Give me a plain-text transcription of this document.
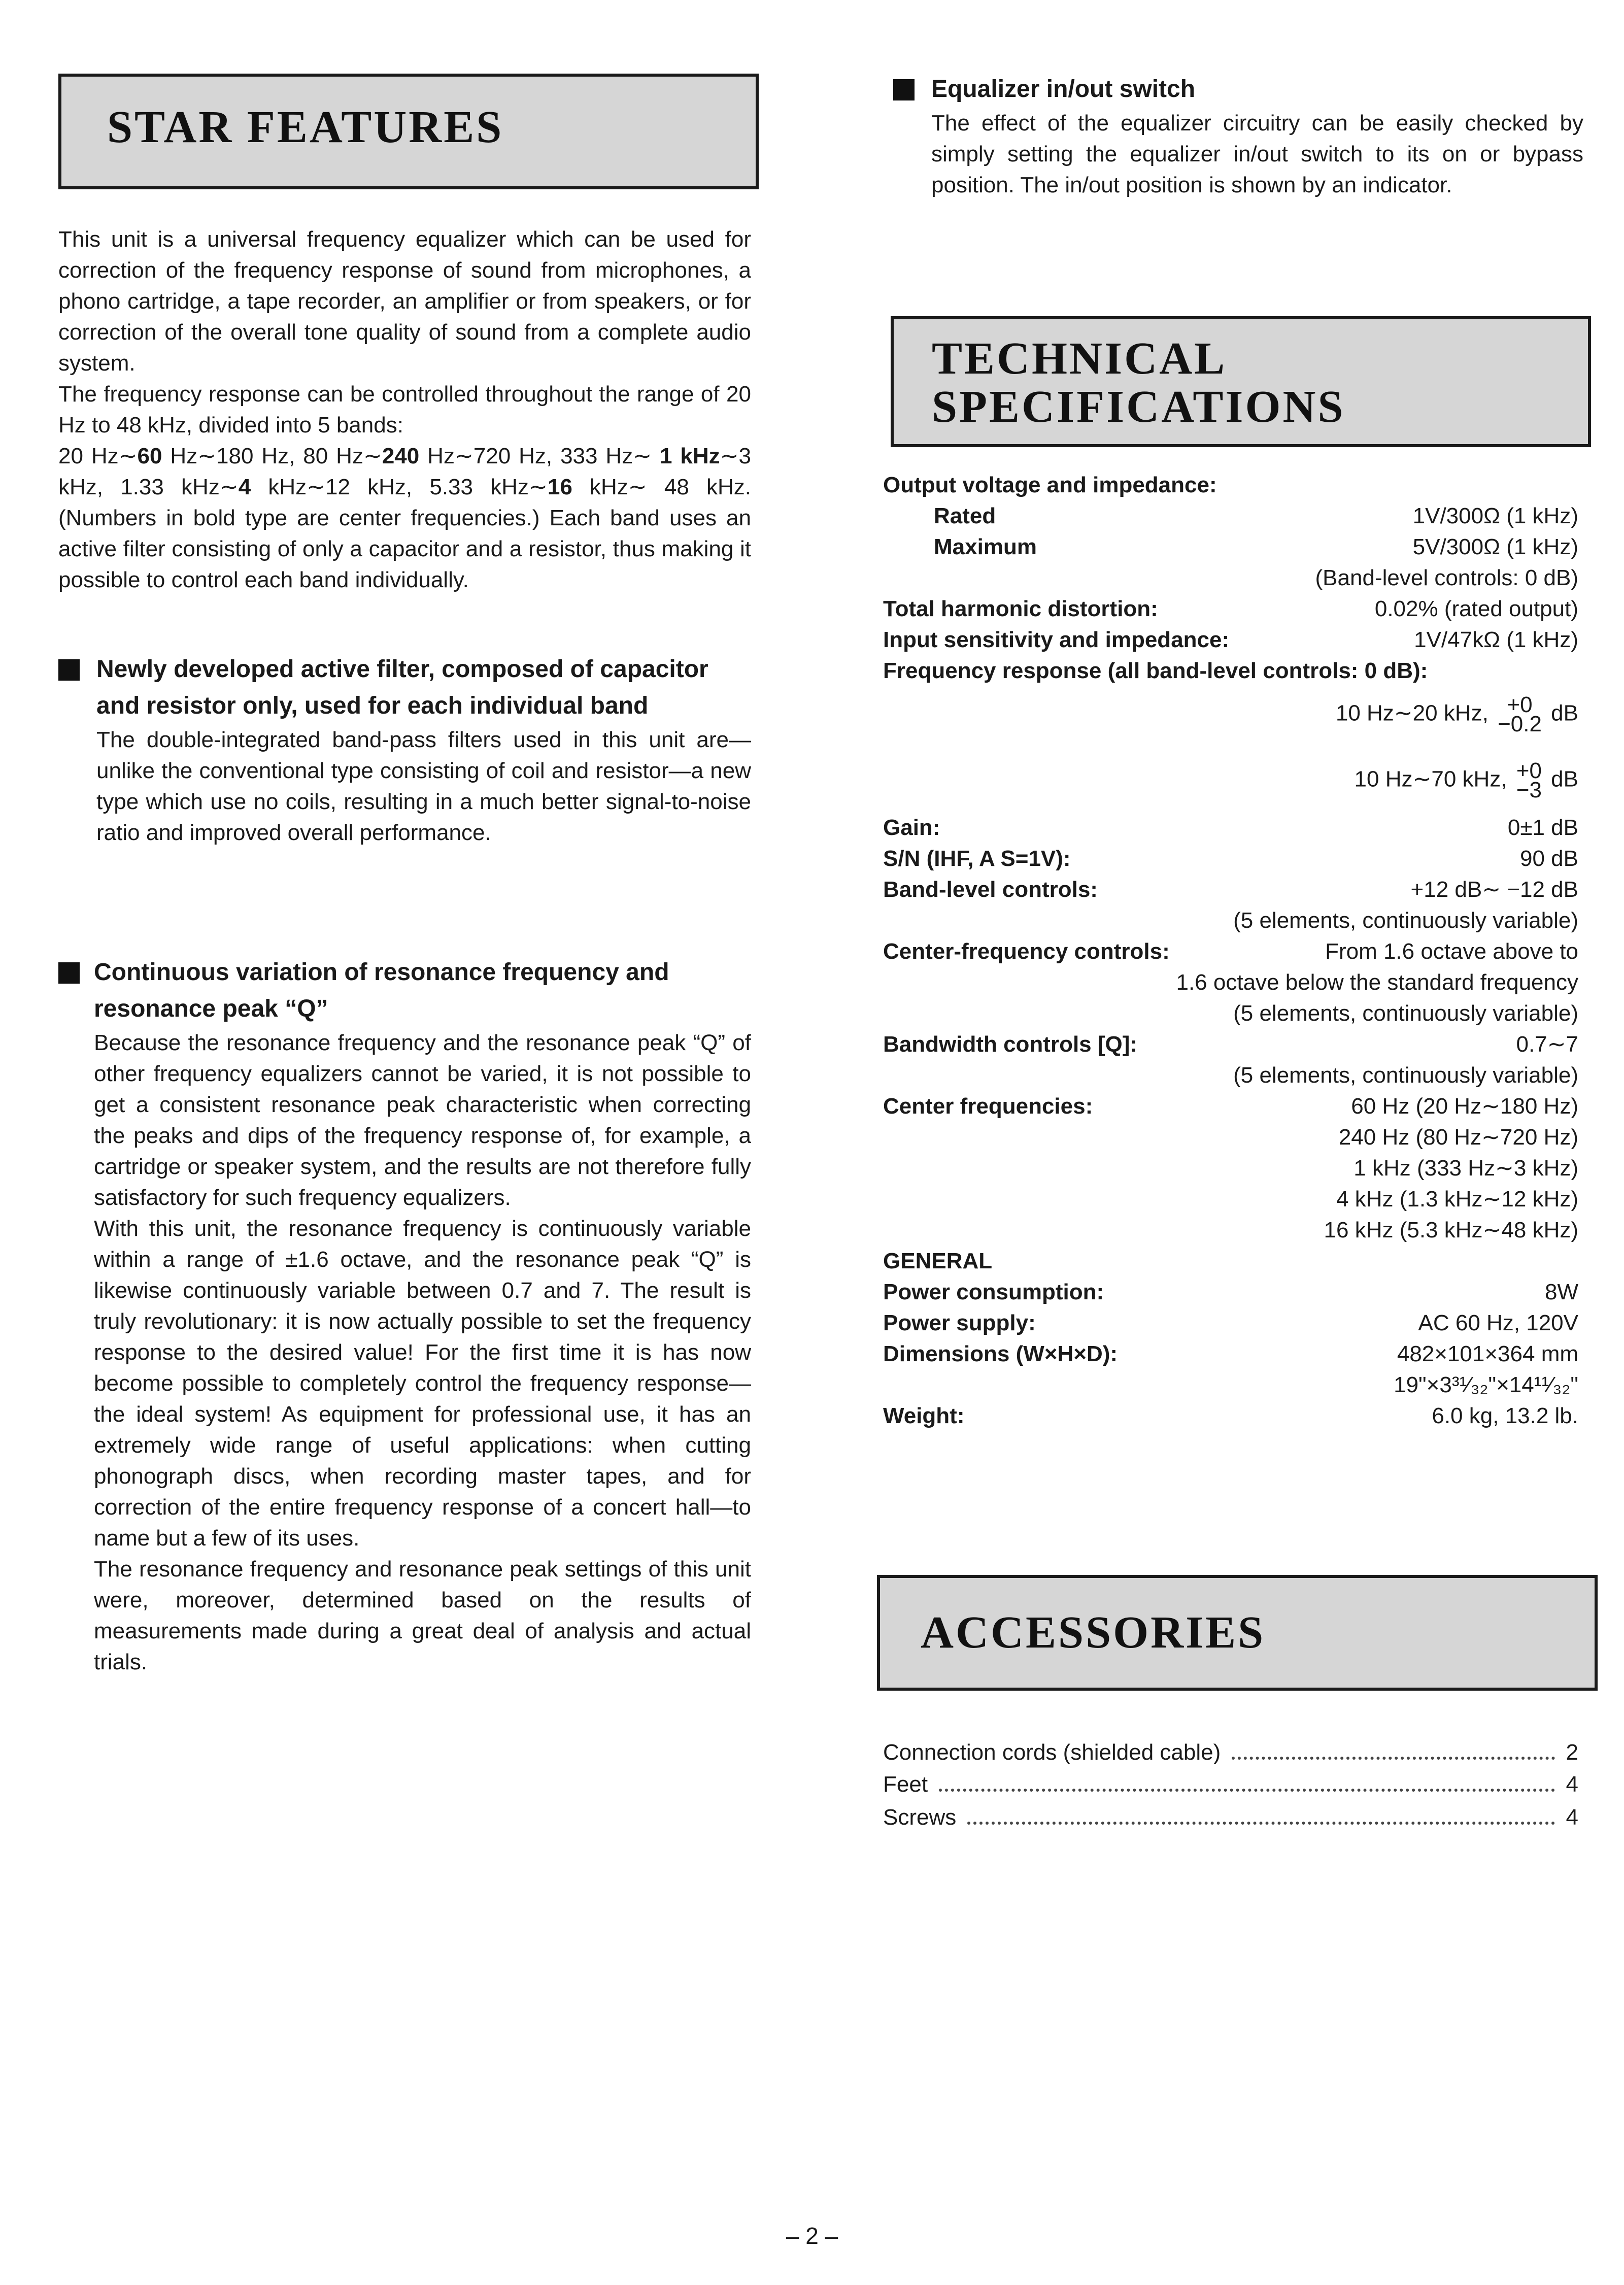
STAR FEATURES

This unit is a universal frequency equalizer which can be used for correction of the frequency response of sound from microphones, a phono cartridge, a tape recorder, an amplifier or from speakers, or for correction of the overall tone quality of sound from a complete audio system.

The frequency response can be controlled throughout the range of 20 Hz to 48 kHz, divided into 5 bands:

20 Hz∼60 Hz∼180 Hz, 80 Hz∼240 Hz∼720 Hz, 333 Hz∼ 1 kHz∼3 kHz, 1.33 kHz∼4 kHz∼12 kHz, 5.33 kHz∼16 kHz∼ 48 kHz. (Numbers in bold type are center frequencies.) Each band uses an active filter consisting of only a capacitor and a resistor, thus making it possible to control each band individually.

Newly developed active filter, composed of capacitor and resistor only, used for each individual band

The double-integrated band-pass filters used in this unit are—unlike the conventional type consisting of coil and resistor—a new type which use no coils, resulting in a much better signal-to-noise ratio and improved overall performance.

Continuous variation of resonance frequency and resonance peak “Q”

Because the resonance frequency and the resonance peak “Q” of other frequency equalizers cannot be varied, it is not possible to get a consistent resonance peak characteristic when correcting the peaks and dips of the frequency response of, for example, a cartridge or speaker system, and the results are not therefore fully satisfactory for such frequency equalizers.

With this unit, the resonance frequency is continuously variable within a range of ±1.6 octave, and the resonance peak “Q” is likewise continuously variable between 0.7 and 7. The result is truly revolutionary: it is now actually possible to set the frequency response to the desired value! For the first time it is has now become possible to completely control the frequency response—the ideal system! As equipment for professional use, it has an extremely wide range of useful applications: when cutting phonograph discs, when recording master tapes, and for correction of the entire frequency response of a concert hall—to name but a few of its uses.

The resonance frequency and resonance peak settings of this unit were, moreover, determined based on the results of measurements made during a great deal of analysis and actual trials.

Equalizer in/out switch

The effect of the equalizer circuitry can be easily checked by simply setting the equalizer in/out switch to its on or bypass position. The in/out position is shown by an indicator.

TECHNICAL
SPECIFICATIONS
Output voltage and impedance:
Rated	1V/300Ω (1 kHz)
Maximum	5V/300Ω (1 kHz)
(Band-level controls: 0 dB)
Total harmonic distortion:	0.02% (rated output)
Input sensitivity and impedance:	1V/47kΩ (1 kHz)
Frequency response (all band-level controls: 0 dB):
10 Hz∼20 kHz, +0
−0.2 dB
10 Hz∼70 kHz, +0
−3 dB
Gain:	0±1 dB
S/N (IHF, A S=1V):	90 dB
Band-level controls:	+12 dB∼ −12 dB
(5 elements, continuously variable)
Center-frequency controls:	From 1.6 octave above to
1.6 octave below the standard frequency
(5 elements, continuously variable)
Bandwidth controls [Q]:	0.7∼7
(5 elements, continuously variable)
Center frequencies:	60 Hz (20 Hz∼180 Hz)
240 Hz (80 Hz∼720 Hz)
1 kHz (333 Hz∼3 kHz)
4 kHz (1.3 kHz∼12 kHz)
16 kHz (5.3 kHz∼48 kHz)
GENERAL
Power consumption:	8W
Power supply:	AC 60 Hz, 120V
Dimensions (W×H×D):	482×101×364 mm
19"×3³¹⁄₃₂"×14¹¹⁄₃₂"
Weight:	6.0 kg, 13.2 lb.
ACCESSORIES
Connection cords (shielded cable)	2
Feet	4
Screws	4
– 2 –
